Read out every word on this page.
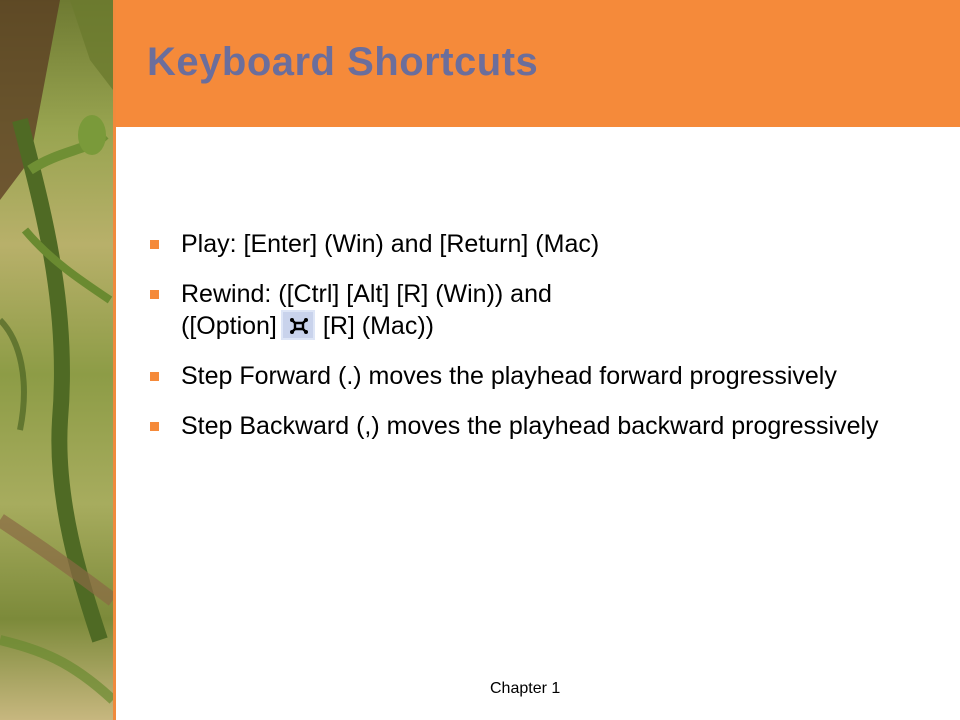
Keyboard Shortcuts
Play: [Enter] (Win) and [Return] (Mac)
Rewind: ([Ctrl] [Alt] [R] (Win)) and
([Option] [R] (Mac))
Step Forward (.) moves the playhead forward progressively
Step Backward (,) moves the playhead backward progressively
Chapter 1
